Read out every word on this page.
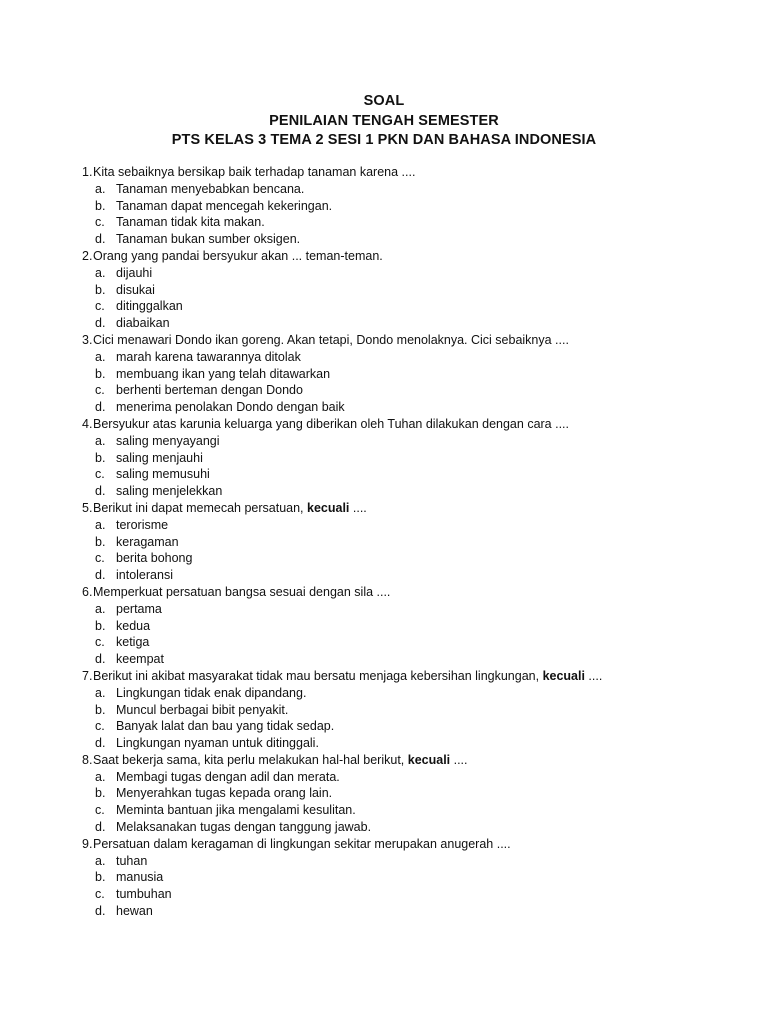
SOAL
PENILAIAN TENGAH SEMESTER
PTS KELAS 3 TEMA 2 SESI 1 PKN DAN BAHASA INDONESIA
1.Kita sebaiknya bersikap baik terhadap tanaman karena ....
a. Tanaman menyebabkan bencana.
b. Tanaman dapat mencegah kekeringan.
c. Tanaman tidak kita makan.
d. Tanaman bukan sumber oksigen.
2.Orang yang pandai bersyukur akan ... teman-teman.
a. dijauhi
b. disukai
c. ditinggalkan
d. diabaikan
3.Cici menawari Dondo ikan goreng. Akan tetapi, Dondo menolaknya. Cici sebaiknya ....
a. marah karena tawarannya ditolak
b. membuang ikan yang telah ditawarkan
c. berhenti berteman dengan Dondo
d. menerima penolakan Dondo dengan baik
4.Bersyukur atas karunia keluarga yang diberikan oleh Tuhan dilakukan dengan cara ....
a. saling menyayangi
b. saling menjauhi
c. saling memusuhi
d. saling menjelekkan
5.Berikut ini dapat memecah persatuan, kecuali ....
a. terorisme
b. keragaman
c. berita bohong
d. intoleransi
6.Memperkuat persatuan bangsa sesuai dengan sila ....
a. pertama
b. kedua
c. ketiga
d. keempat
7.Berikut ini akibat masyarakat tidak mau bersatu menjaga kebersihan lingkungan, kecuali ....
a. Lingkungan tidak enak dipandang.
b. Muncul berbagai bibit penyakit.
c. Banyak lalat dan bau yang tidak sedap.
d. Lingkungan nyaman untuk ditinggali.
8.Saat bekerja sama, kita perlu melakukan hal-hal berikut, kecuali ....
a. Membagi tugas dengan adil dan merata.
b. Menyerahkan tugas kepada orang lain.
c. Meminta bantuan jika mengalami kesulitan.
d. Melaksanakan tugas dengan tanggung jawab.
9.Persatuan dalam keragaman di lingkungan sekitar merupakan anugerah ....
a. tuhan
b. manusia
c. tumbuhan
d. hewan
